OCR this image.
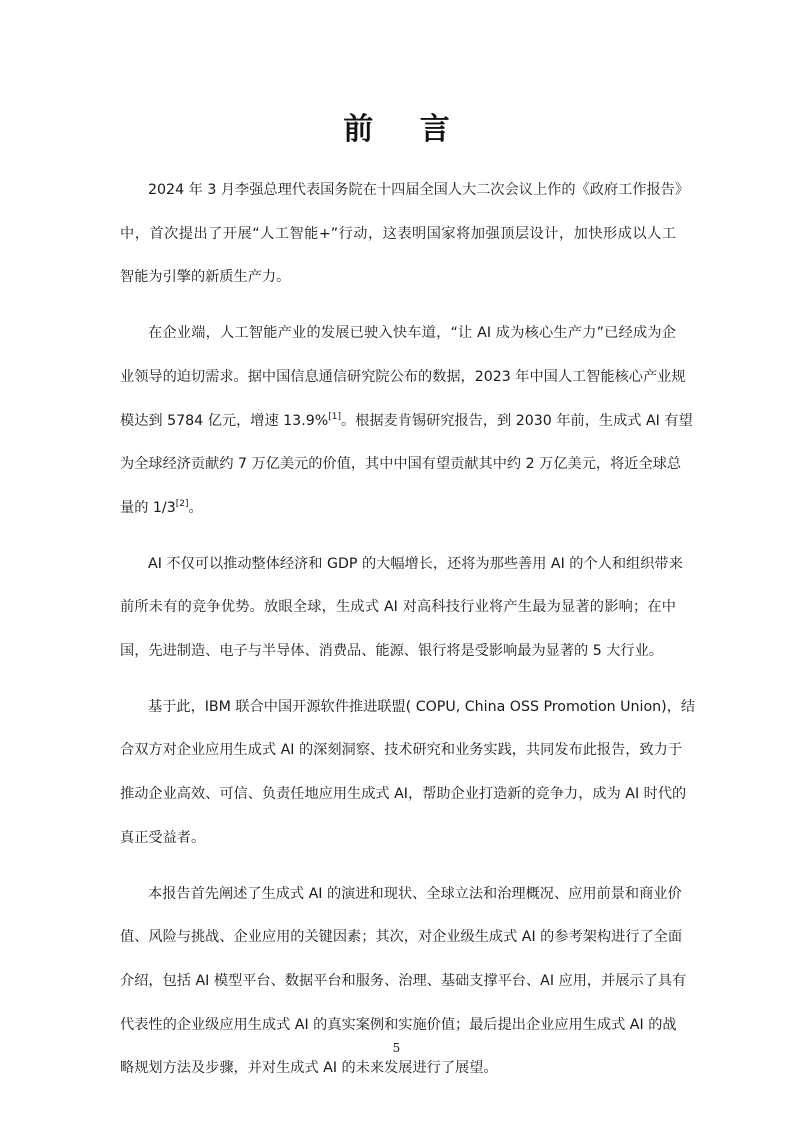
前 言

2024 年 3 月李强总理代表国务院在十四届全国人大二次会议上作的《政府工作报告》中，首次提出了开展“人工智能+”行动，这表明国家将加强顶层设计，加快形成以人工智能为引擎的新质生产力。

在企业端，人工智能产业的发展已驶入快车道，“让 AI 成为核心生产力”已经成为企业领导的迫切需求。据中国信息通信研究院公布的数据，2023 年中国人工智能核心产业规模达到 5784 亿元，增速 13.9%[1]。根据麦肯锡研究报告，到 2030 年前，生成式 AI 有望为全球经济贡献约 7 万亿美元的价值，其中中国有望贡献其中约 2 万亿美元，将近全球总量的 1/3[2]。

AI 不仅可以推动整体经济和 GDP 的大幅增长，还将为那些善用 AI 的个人和组织带来前所未有的竞争优势。放眼全球，生成式 AI 对高科技行业将产生最为显著的影响；在中国，先进制造、电子与半导体、消费品、能源、银行将是受影响最为显著的 5 大行业。

基于此，IBM 联合中国开源软件推进联盟( COPU, China OSS Promotion Union)，结合双方对企业应用生成式 AI 的深刻洞察、技术研究和业务实践，共同发布此报告，致力于推动企业高效、可信、负责任地应用生成式 AI，帮助企业打造新的竞争力，成为 AI 时代的真正受益者。

本报告首先阐述了生成式 AI 的演进和现状、全球立法和治理概况、应用前景和商业价值、风险与挑战、企业应用的关键因素；其次，对企业级生成式 AI 的参考架构进行了全面介绍，包括 AI 模型平台、数据平台和服务、治理、基础支撑平台、AI 应用，并展示了具有代表性的企业级应用生成式 AI 的真实案例和实施价值；最后提出企业应用生成式 AI 的战略规划方法及步骤，并对生成式 AI 的未来发展进行了展望。

5
